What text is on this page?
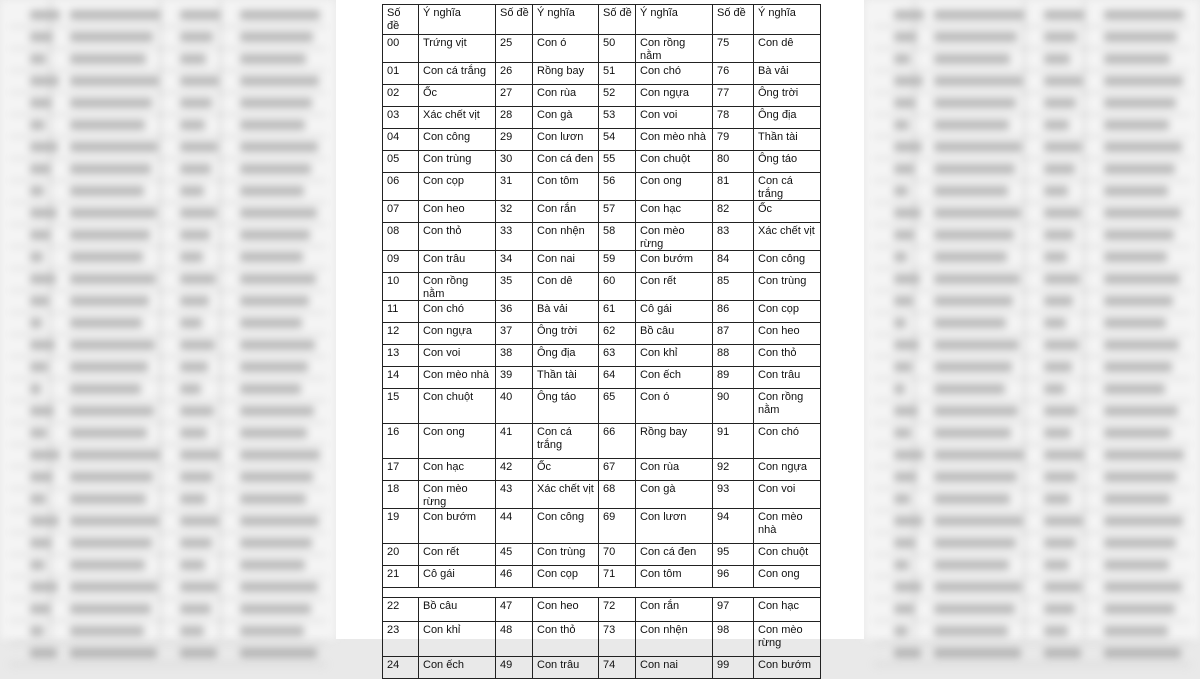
Số đề	Ý nghĩa	Số đề	Ý nghĩa	Số đề	Ý nghĩa	Số đề	Ý nghĩa
00	Trứng vịt	25	Con ó	50	Con rồng nằm	75	Con dê
01	Con cá trắng	26	Rồng bay	51	Con chó	76	Bà vải
02	Ốc	27	Con rùa	52	Con ngựa	77	Ông trời
03	Xác chết vịt	28	Con gà	53	Con voi	78	Ông địa
04	Con công	29	Con lươn	54	Con mèo nhà	79	Thần tài
05	Con trùng	30	Con cá đen	55	Con chuột	80	Ông táo
06	Con cọp	31	Con tôm	56	Con ong	81	Con cá trắng
07	Con heo	32	Con rắn	57	Con hạc	82	Ốc
08	Con thỏ	33	Con nhện	58	Con mèo rừng	83	Xác chết vịt
09	Con trâu	34	Con nai	59	Con bướm	84	Con công
10	Con rồng nằm	35	Con dê	60	Con rết	85	Con trùng
11	Con chó	36	Bà vải	61	Cô gái	86	Con cọp
12	Con ngựa	37	Ông trời	62	Bồ câu	87	Con heo
13	Con voi	38	Ông địa	63	Con khỉ	88	Con thỏ
14	Con mèo nhà	39	Thần tài	64	Con ếch	89	Con trâu
15	Con chuột	40	Ông táo	65	Con ó	90	Con rồng nằm
16	Con ong	41	Con cá trắng	66	Rồng bay	91	Con chó
17	Con hạc	42	Ốc	67	Con rùa	92	Con ngựa
18	Con mèo rừng	43	Xác chết vịt	68	Con gà	93	Con voi
19	Con bướm	44	Con công	69	Con lươn	94	Con mèo nhà
20	Con rết	45	Con trùng	70	Con cá đen	95	Con chuột
21	Cô gái	46	Con cọp	71	Con tôm	96	Con ong

22	Bồ câu	47	Con heo	72	Con rắn	97	Con hạc
23	Con khỉ	48	Con thỏ	73	Con nhện	98	Con mèo rừng
24	Con ếch	49	Con trâu	74	Con nai	99	Con bướm
